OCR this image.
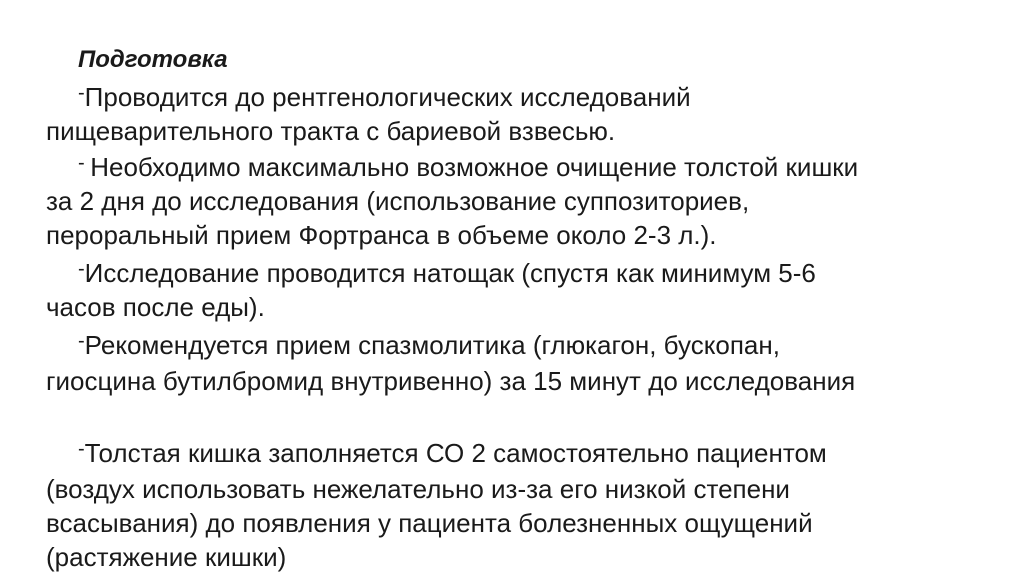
Подготовка
-Проводится до рентгенологических исследований
пищеварительного тракта с бариевой взвесью.
- Необходимо максимально возможное очищение толстой кишки
за 2 дня до исследования (использование суппозиториев,
пероральный прием Фортранса в объеме около 2-3 л.).
-Исследование проводится натощак (спустя как минимум 5-6
часов после еды).
-Рекомендуется прием спазмолитика (глюкагон, бускопан,
гиосцина бутилбромид внутривенно) за 15 минут до исследования
-Толстая кишка заполняется СО 2 самостоятельно пациентом
(воздух использовать нежелательно из-за его низкой степени
всасывания) до появления у пациента болезненных ощущений
(растяжение кишки)
